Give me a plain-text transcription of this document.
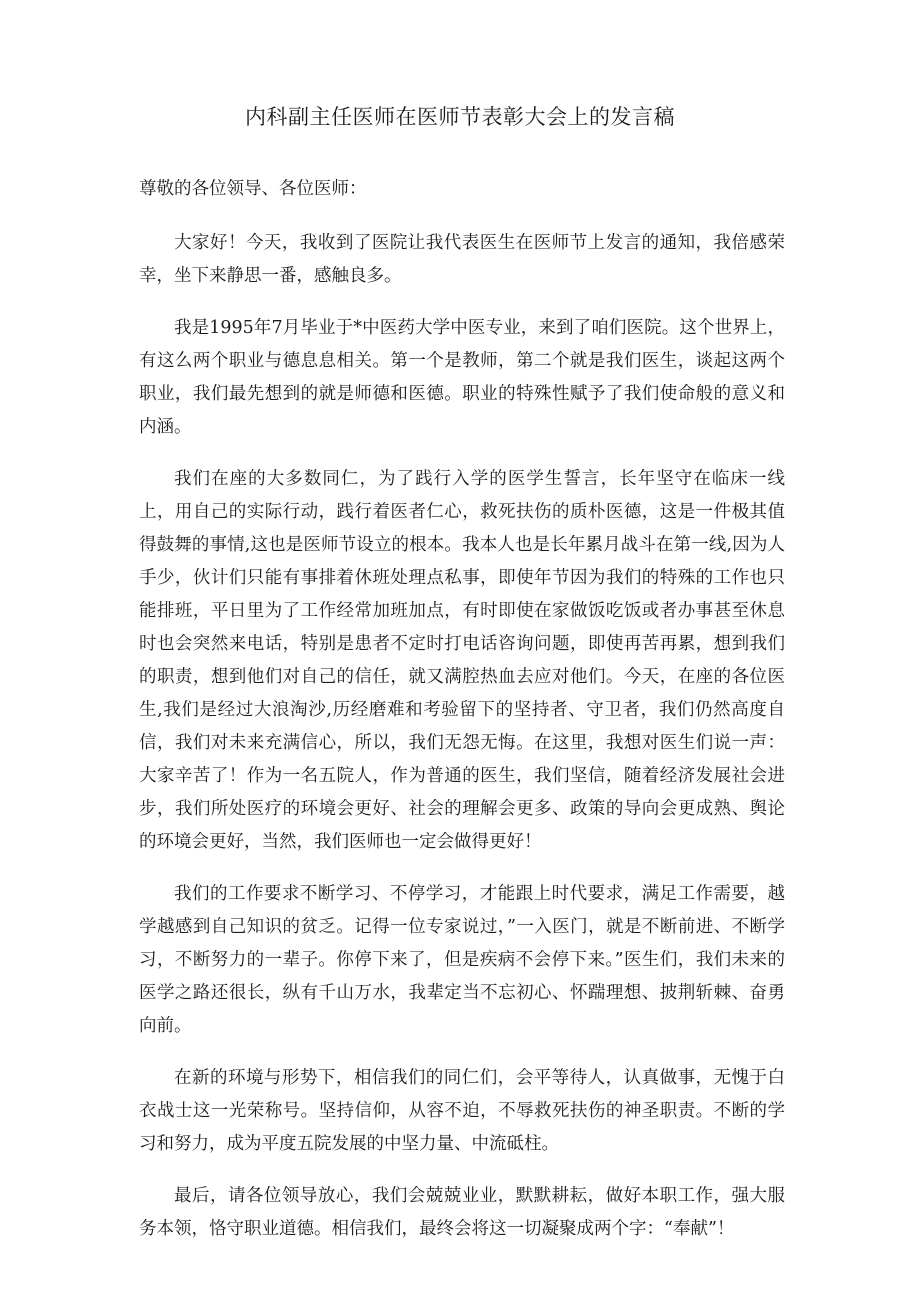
内科副主任医师在医师节表彰大会上的发言稿

尊敬的各位领导、各位医师：

大家好！今天，我收到了医院让我代表医生在医师节上发言的通知，我倍感荣幸，坐下来静思一番，感触良多。

我是1995年7月毕业于*中医药大学中医专业，来到了咱们医院。这个世界上，有这么两个职业与德息息相关。第一个是教师，第二个就是我们医生，谈起这两个职业，我们最先想到的就是师德和医德。职业的特殊性赋予了我们使命般的意义和内涵。

我们在座的大多数同仁，为了践行入学的医学生誓言，长年坚守在临床一线上，用自己的实际行动，践行着医者仁心，救死扶伤的质朴医德，这是一件极其值得鼓舞的事情,这也是医师节设立的根本。我本人也是长年累月战斗在第一线,因为人手少，伙计们只能有事排着休班处理点私事，即使年节因为我们的特殊的工作也只能排班，平日里为了工作经常加班加点，有时即使在家做饭吃饭或者办事甚至休息时也会突然来电话，特别是患者不定时打电话咨询问题，即使再苦再累，想到我们的职责，想到他们对自己的信任，就又满腔热血去应对他们。今天，在座的各位医生,我们是经过大浪淘沙,历经磨难和考验留下的坚持者、守卫者，我们仍然高度自信，我们对未来充满信心，所以，我们无怨无悔。在这里，我想对医生们说一声：大家辛苦了！作为一名五院人，作为普通的医生，我们坚信，随着经济发展社会进步，我们所处医疗的环境会更好、社会的理解会更多、政策的导向会更成熟、舆论的环境会更好，当然，我们医师也一定会做得更好！

我们的工作要求不断学习、不停学习，才能跟上时代要求，满足工作需要，越学越感到自己知识的贫乏。记得一位专家说过，”一入医门，就是不断前进、不断学习，不断努力的一辈子。你停下来了，但是疾病不会停下来。”医生们，我们未来的医学之路还很长，纵有千山万水，我辈定当不忘初心、怀踹理想、披荆斩棘、奋勇向前。

在新的环境与形势下，相信我们的同仁们，会平等待人，认真做事，无愧于白衣战士这一光荣称号。坚持信仰，从容不迫，不辱救死扶伤的神圣职责。不断的学习和努力，成为平度五院发展的中坚力量、中流砥柱。

最后，请各位领导放心，我们会兢兢业业，默默耕耘，做好本职工作，强大服务本领，恪守职业道德。相信我们，最终会将这一切凝聚成两个字：“奉献”！
